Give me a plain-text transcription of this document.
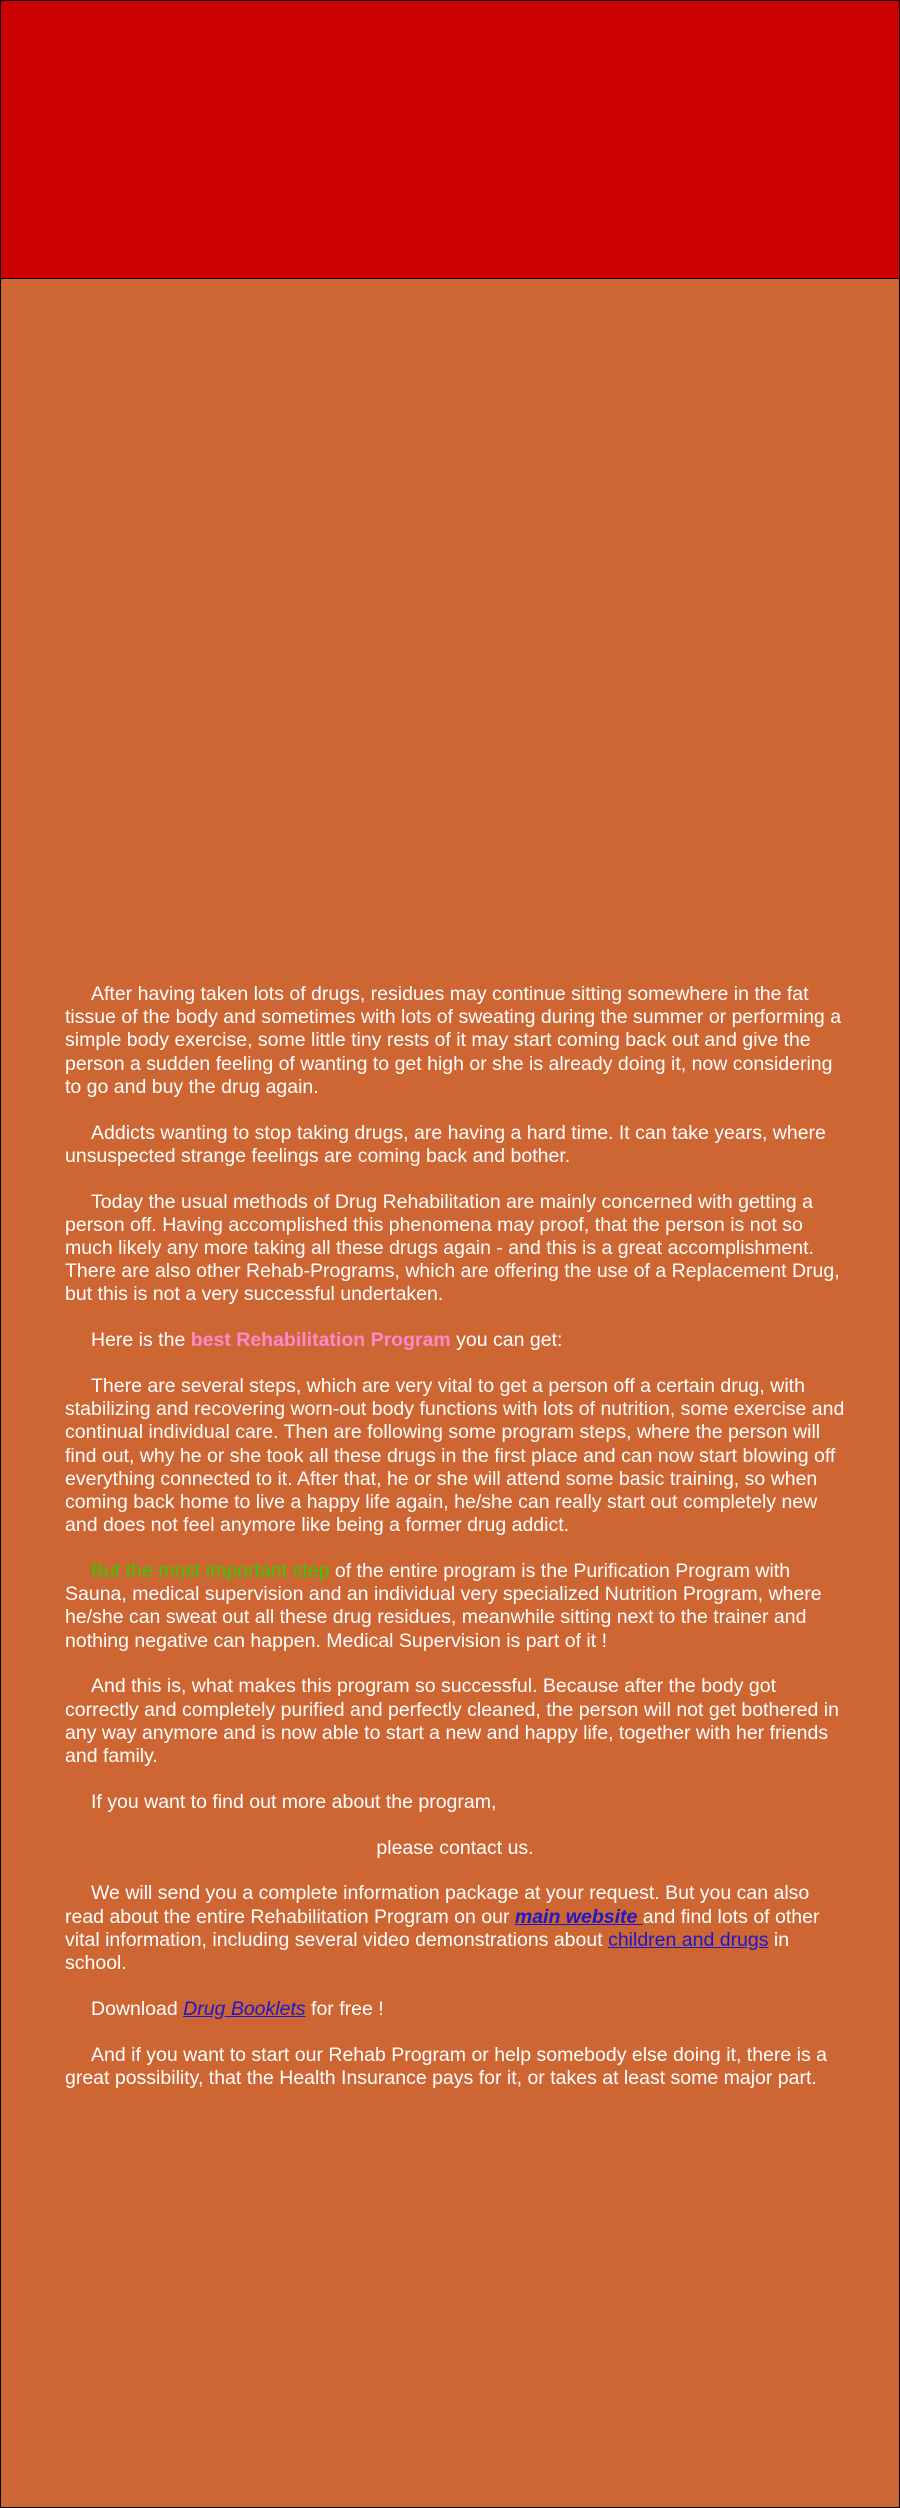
After having taken lots of drugs, residues may continue sitting somewhere in the fat tissue of the body and sometimes with lots of sweating during the summer or performing a simple body exercise, some little tiny rests of it may start coming back out and give the person a sudden feeling of wanting to get high or she is already doing it, now considering to go and buy the drug again.

Addicts wanting to stop taking drugs, are having a hard time. It can take years, where unsuspected strange feelings are coming back and bother.

Today the usual methods of Drug Rehabilitation are mainly concerned with getting a person off. Having accomplished this phenomena may proof, that the person is not so much likely any more taking all these drugs again - and this is a great accomplishment. There are also other Rehab-Programs, which are offering the use of a Replacement Drug, but this is not a very successful undertaken.

Here is the best Rehabilitation Program you can get:

There are several steps, which are very vital to get a person off a certain drug, with stabilizing and recovering worn-out body functions with lots of nutrition, some exercise and continual individual care. Then are following some program steps, where the person will find out, why he or she took all these drugs in the first place and can now start blowing off everything connected to it. After that, he or she will attend some basic training, so when coming back home to live a happy life again, he/she can really start out completely new and does not feel anymore like being a former drug addict.

But the most important step of the entire program is the Purification Program with Sauna, medical supervision and an individual very specialized Nutrition Program, where he/she can sweat out all these drug residues, meanwhile sitting next to the trainer and nothing negative can happen. Medical Supervision is part of it !

And this is, what makes this program so successful. Because after the body got correctly and completely purified and perfectly cleaned, the person will not get bothered in any way anymore and is now able to start a new and happy life, together with her friends and family.

If you want to find out more about the program,

please contact us.

We will send you a complete information package at your request. But you can also read about the entire Rehabilitation Program on our main website and find lots of other vital information, including several video demonstrations about children and drugs in school.

Download Drug Booklets for free !

And if you want to start our Rehab Program or help somebody else doing it, there is a great possibility, that the Health Insurance pays for it, or takes at least some major part.
